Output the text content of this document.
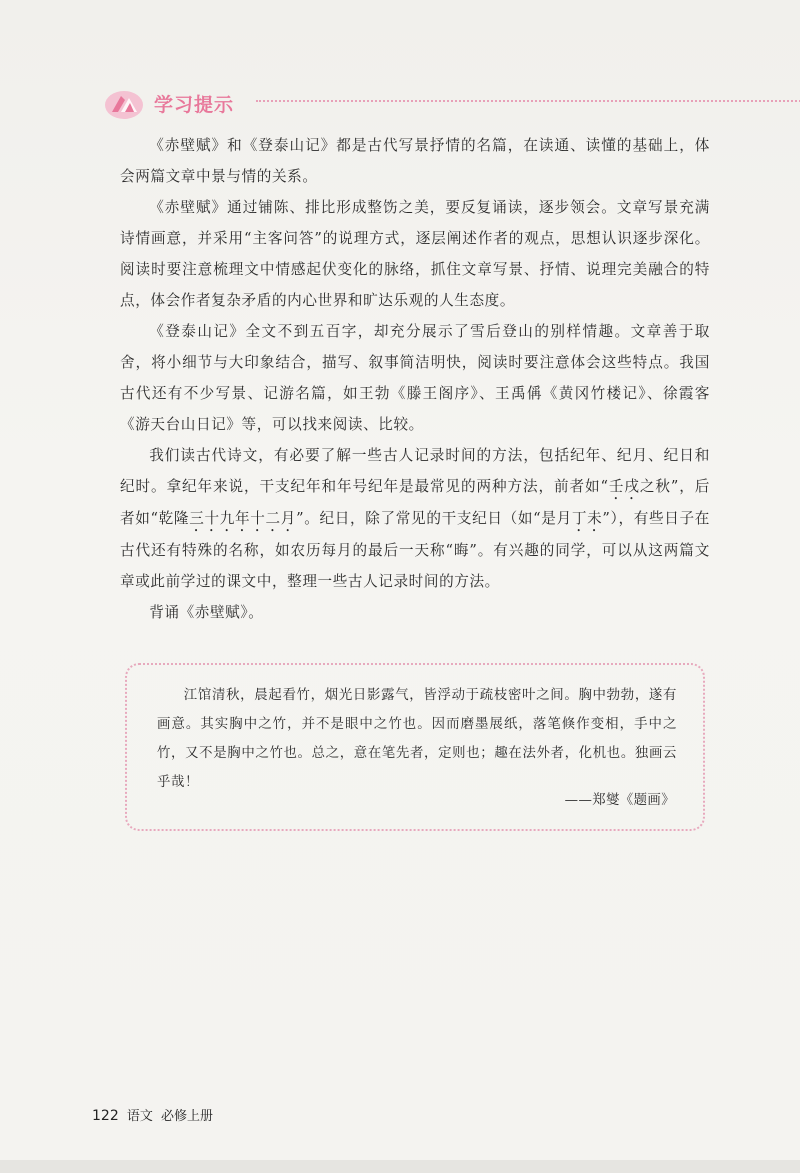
学习提示

《赤壁赋》和《登泰山记》都是古代写景抒情的名篇，在读通、读懂的基础上，体会两篇文章中景与情的关系。

《赤壁赋》通过铺陈、排比形成整饬之美，要反复诵读，逐步领会。文章写景充满诗情画意，并采用“主客问答”的说理方式，逐层阐述作者的观点，思想认识逐步深化。阅读时要注意梳理文中情感起伏变化的脉络，抓住文章写景、抒情、说理完美融合的特点，体会作者复杂矛盾的内心世界和旷达乐观的人生态度。

《登泰山记》全文不到五百字，却充分展示了雪后登山的别样情趣。文章善于取舍，将小细节与大印象结合，描写、叙事简洁明快，阅读时要注意体会这些特点。我国古代还有不少写景、记游名篇，如王勃《滕王阁序》、王禹偁《黄冈竹楼记》、徐霞客《游天台山日记》等，可以找来阅读、比较。

我们读古代诗文，有必要了解一些古人记录时间的方法，包括纪年、纪月、纪日和纪时。拿纪年来说，干支纪年和年号纪年是最常见的两种方法，前者如“壬戌之秋”，后者如“乾隆三十九年十二月”。纪日，除了常见的干支纪日（如“是月丁未”），有些日子在古代还有特殊的名称，如农历每月的最后一天称“晦”。有兴趣的同学，可以从这两篇文章或此前学过的课文中，整理一些古人记录时间的方法。

背诵《赤壁赋》。

江馆清秋，晨起看竹，烟光日影露气，皆浮动于疏枝密叶之间。胸中勃勃，遂有画意。其实胸中之竹，并不是眼中之竹也。因而磨墨展纸，落笔倏作变相，手中之竹，又不是胸中之竹也。总之，意在笔先者，定则也；趣在法外者，化机也。独画云乎哉！

——郑燮《题画》
122 语文 必修上册
